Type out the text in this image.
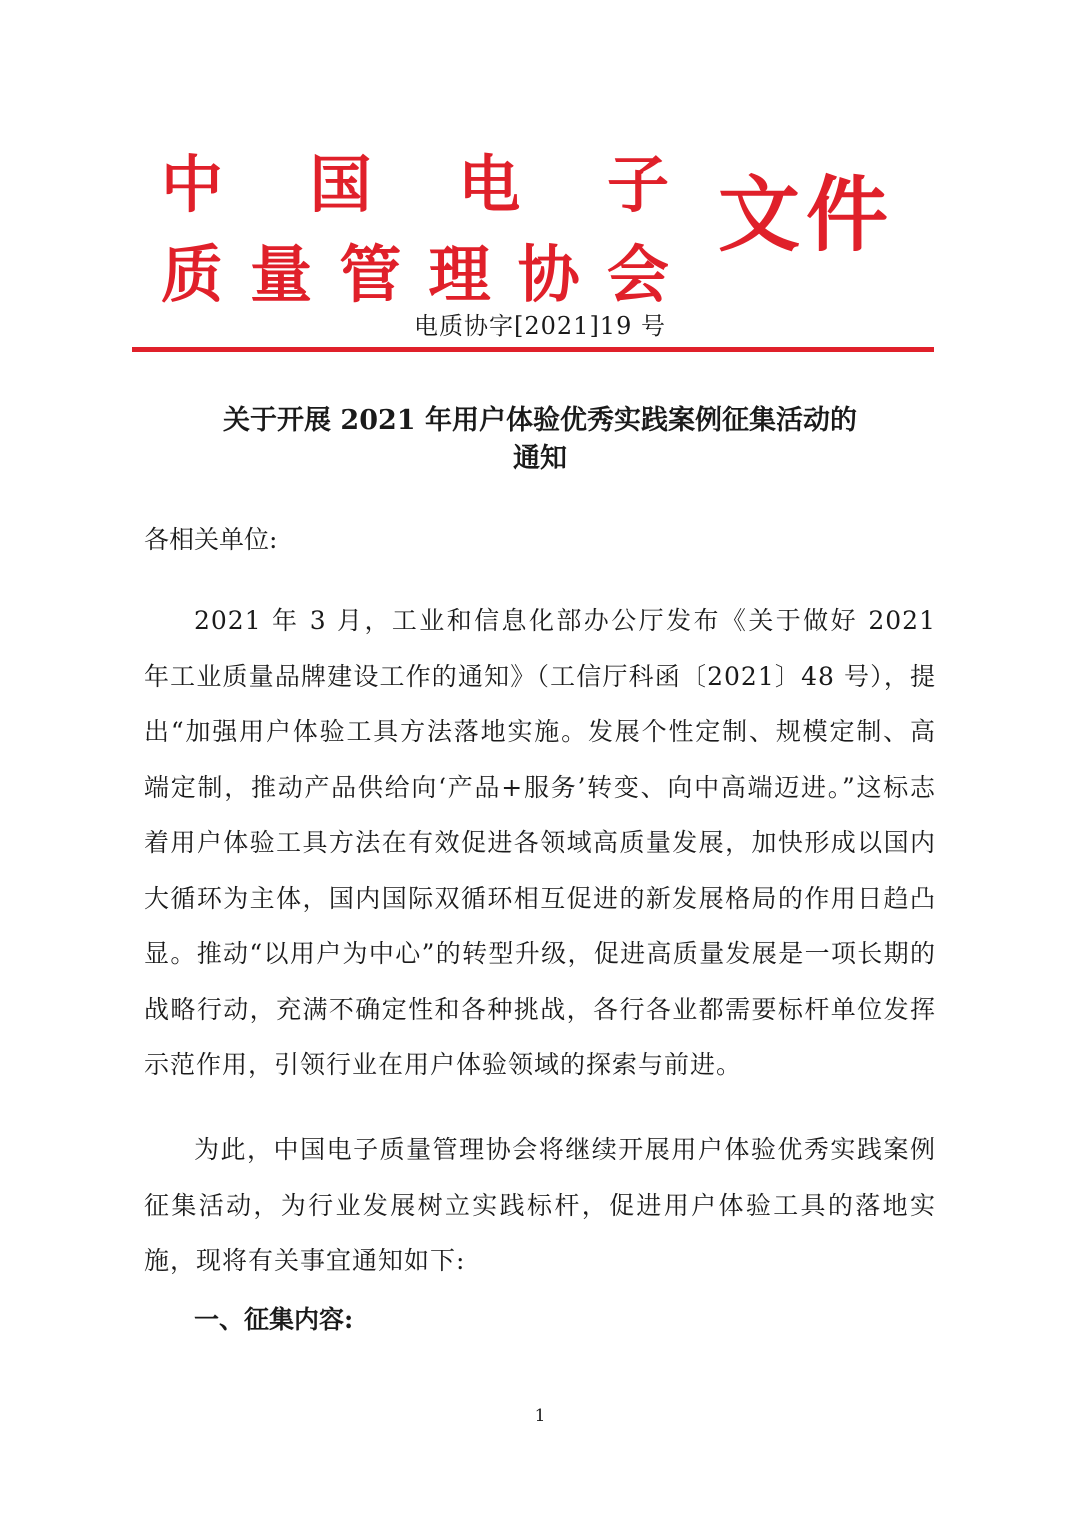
中 国 电 子
质 量 管 理 协 会
文件
电质协字[2021]19 号
关于开展 2021 年用户体验优秀实践案例征集活动的
通知
各相关单位:
2021 年 3 月，工业和信息化部办公厅发布《关于做好 2021 年工业质量品牌建设工作的通知》（工信厅科函〔2021〕48 号），提出“加强用户体验工具方法落地实施。发展个性定制、规模定制、高端定制，推动产品供给向‘产品+服务’转变、向中高端迈进。”这标志着用户体验工具方法在有效促进各领域高质量发展，加快形成以国内大循环为主体，国内国际双循环相互促进的新发展格局的作用日趋凸显。推动“以用户为中心”的转型升级，促进高质量发展是一项长期的战略行动，充满不确定性和各种挑战，各行各业都需要标杆单位发挥示范作用，引领行业在用户体验领域的探索与前进。
为此，中国电子质量管理协会将继续开展用户体验优秀实践案例征集活动，为行业发展树立实践标杆，促进用户体验工具的落地实施，现将有关事宜通知如下:
一、征集内容:
1
